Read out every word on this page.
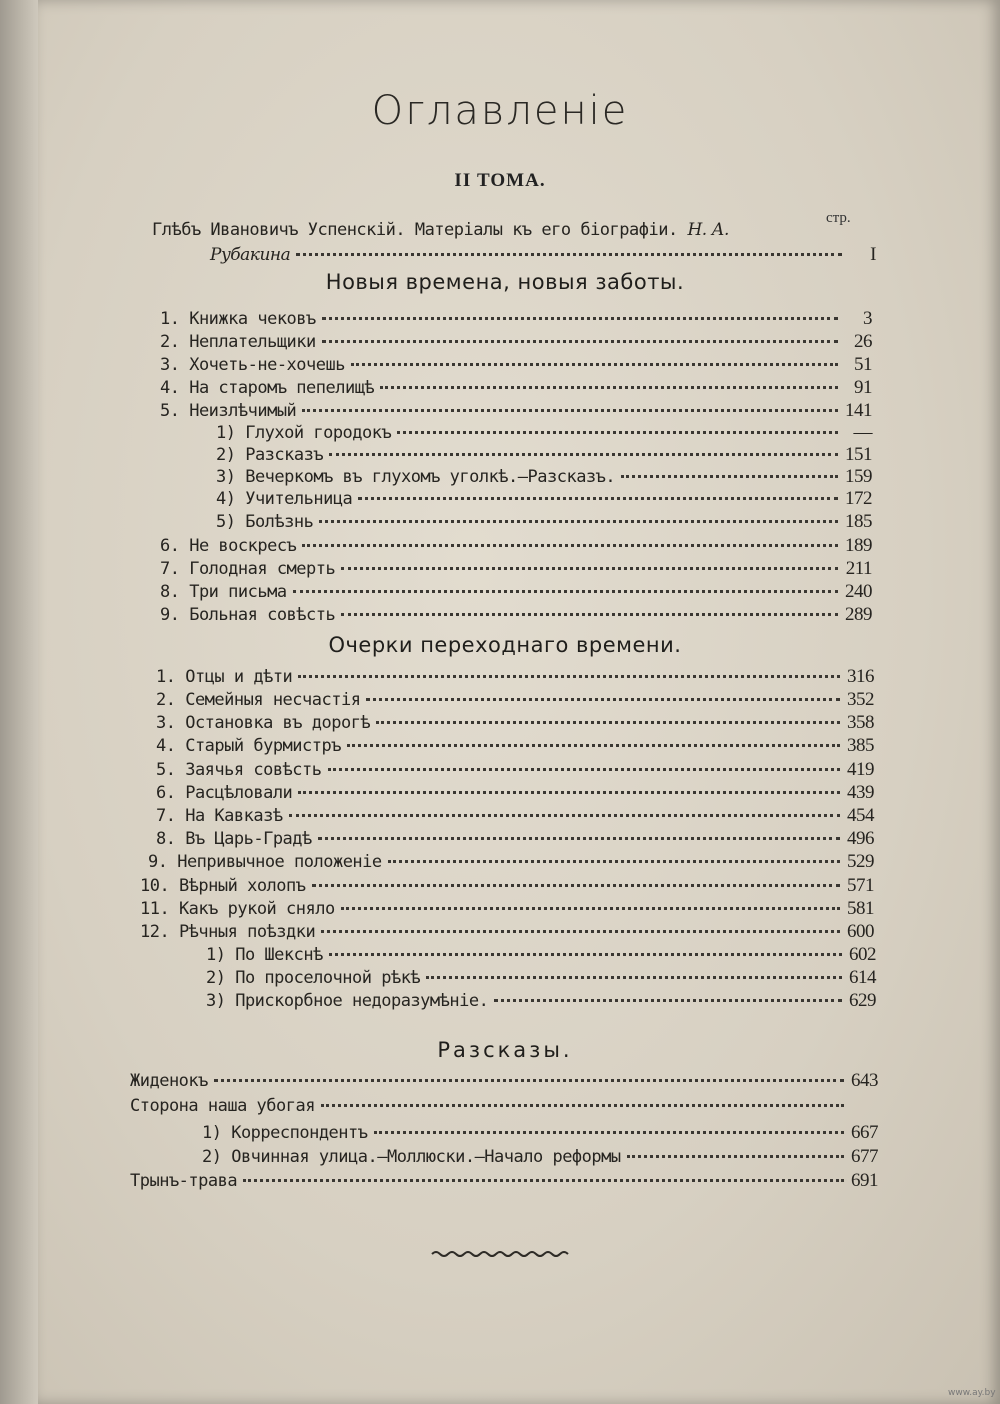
Оглавленiе
II ТОМА.
стр.
Глѣбъ Ивановичъ Успенскiй. Матерiалы къ его бiографiи. Н. А.
Рубакина	I
Новыя времена, новыя заботы.
1. Книжка чековъ	3
2. Неплательщики	26
3. Хочеть-не-хочешь	51
4. На старомъ пепелищѣ	91
5. Неизлѣчимый	141
1) Глухой городокъ	—
2) Разсказъ	151
3) Вечеркомъ въ глухомъ уголкѣ.—Разсказъ.	159
4) Учительница	172
5) Болѣзнь	185
6. Не воскресъ	189
7. Голодная смерть	211
8. Три письма	240
9. Больная совѣсть	289
Очерки переходнаго времени.
1. Отцы и дѣти	316
2. Семейныя несчастiя	352
3. Остановка въ дорогѣ	358
4. Старый бурмистръ	385
5. Заячья совѣсть	419
6. Расцѣловали	439
7. На Кавказѣ	454
8. Въ Царь-Градѣ	496
9. Непривычное положенiе	529
10. Вѣрный холопъ	571
11. Какъ рукой сняло	581
12. Рѣчныя поѣздки	600
1) По Шекснѣ	602
2) По проселочной рѣкѣ	614
3) Прискорбное недоразумѣнiе.	629
Разсказы.
Жиденокъ	643
Сторона наша убогая
1) Корреспондентъ	667
2) Овчинная улица.—Моллюски.—Начало реформы	677
Трынъ-трава	691
www.ay.by
